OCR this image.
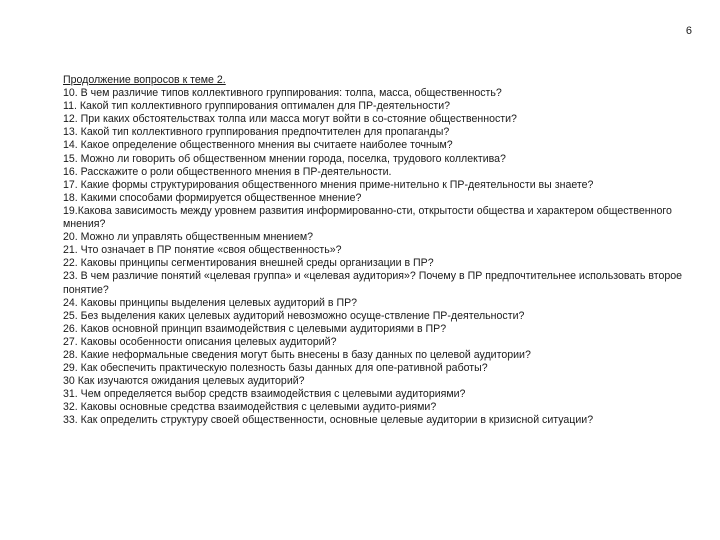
6
Продолжение вопросов к теме 2.
10. В чем различие типов коллективного группирования: толпа, масса, общественность?
11. Какой тип коллективного группирования оптимален для ПР-деятельности?
12. При каких обстоятельствах толпа или масса могут войти в со-стояние общественности?
13. Какой тип коллективного группирования предпочтителен для пропаганды?
14. Какое определение общественного мнения вы считаете наиболее точным?
15. Можно ли говорить об общественном мнении города, поселка, трудового коллектива?
16. Расскажите о роли общественного мнения в ПР-деятельности.
17. Какие формы структурирования общественного мнения приме-нительно к ПР-деятельности вы знаете?
18. Какими способами формируется общественное мнение?
19.Какова зависимость между уровнем развития информированно-сти, открытости общества и характером общественного мнения?
20. Можно ли управлять общественным мнением?
21. Что означает в ПР понятие «своя общественность»?
22. Каковы принципы сегментирования внешней среды организации в ПР?
23. В чем различие понятий «целевая группа» и «целевая аудитория»? Почему в ПР предпочтительнее использовать второе понятие?
24. Каковы принципы выделения целевых аудиторий в ПР?
25. Без выделения каких целевых аудиторий невозможно осуще-ствление ПР-деятельности?
26. Каков основной принцип взаимодействия с целевыми аудиториями в ПР?
27. Каковы особенности описания целевых аудиторий?
28. Какие неформальные сведения могут быть внесены в базу данных по целевой аудитории?
29. Как обеспечить практическую полезность базы данных для опе-ративной работы?
30 Как изучаются ожидания целевых аудиторий?
31. Чем определяется выбор средств взаимодействия с целевыми аудиториями?
32. Каковы основные средства взаимодействия с целевыми аудито-риями?
33. Как определить структуру своей общественности, основные целевые аудитории в кризисной ситуации?
